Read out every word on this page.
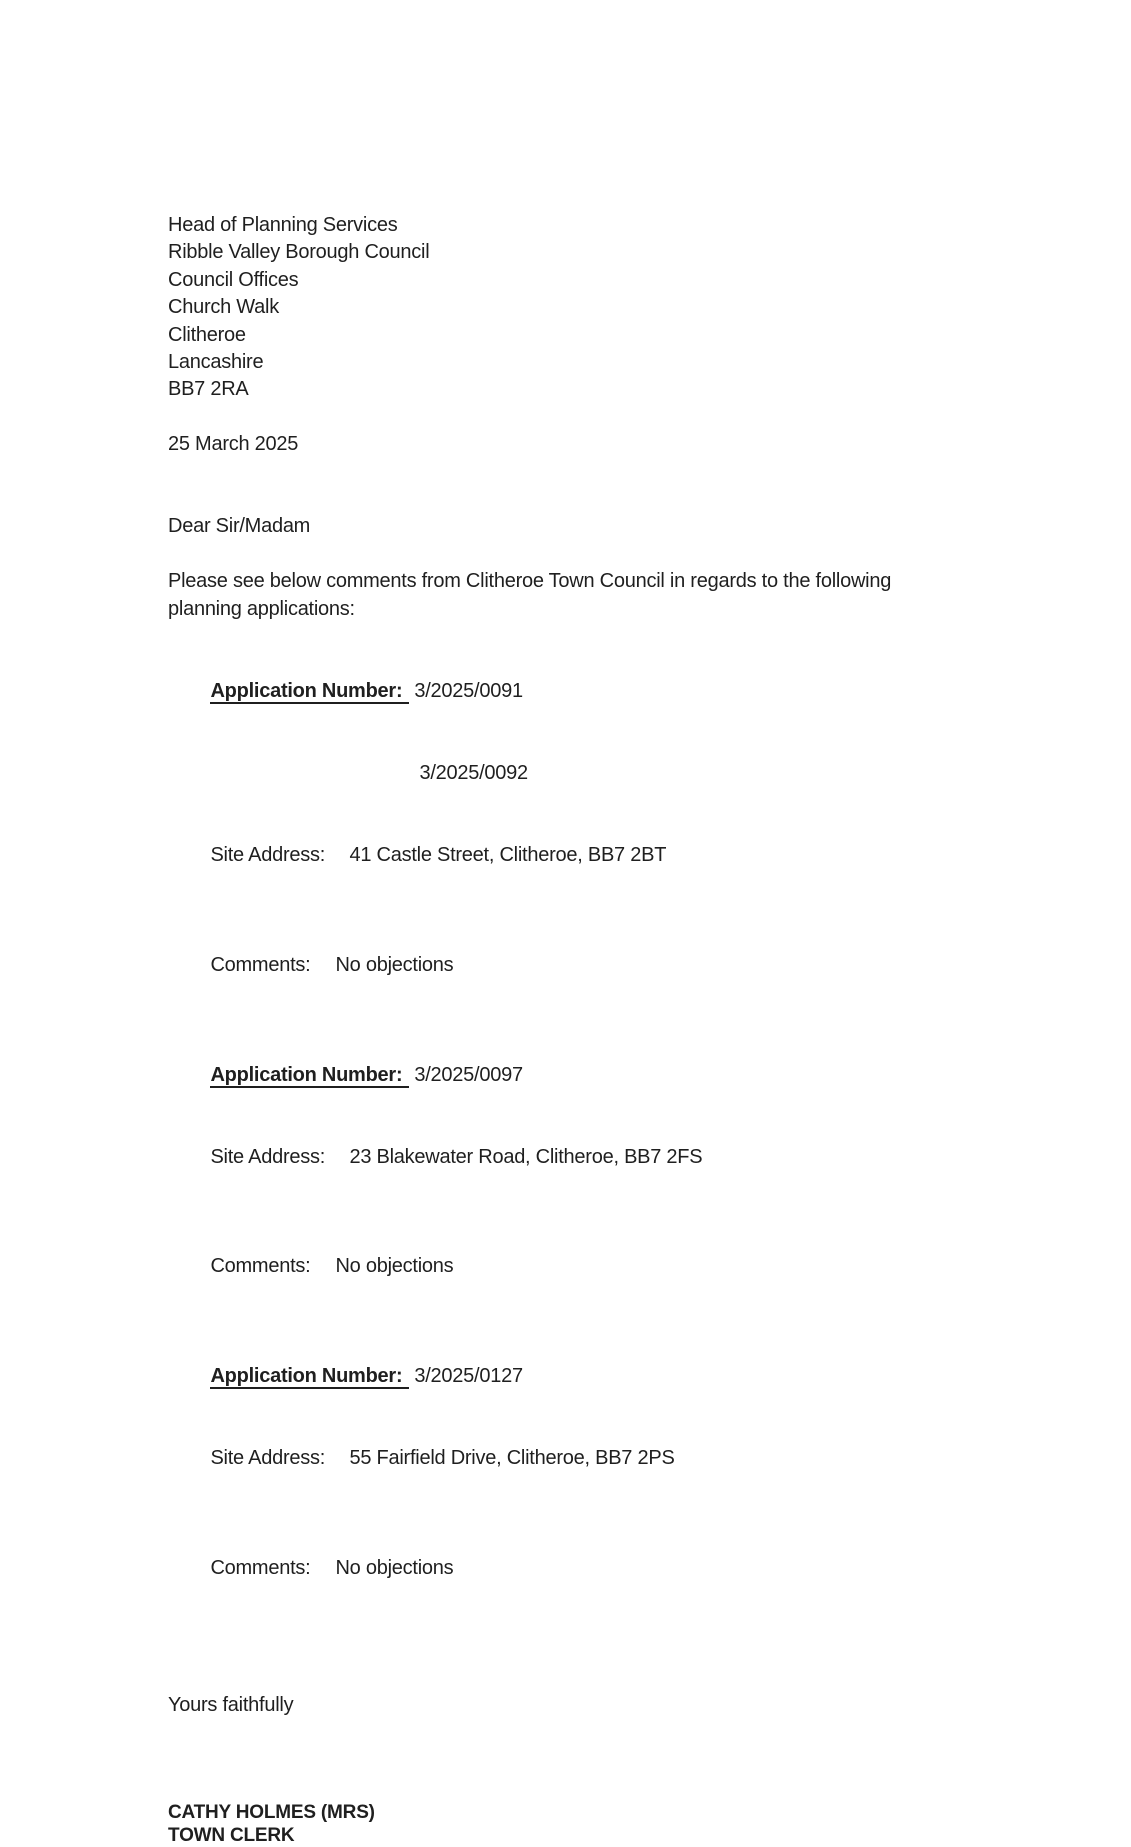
Head of Planning Services
Ribble Valley Borough Council
Council Offices
Church Walk
Clitheroe
Lancashire
BB7 2RA
25 March 2025
Dear Sir/Madam
Please see below comments from Clitheroe Town Council in regards to the following
planning applications:

Application Number: 3/2025/0091

3/2025/0092

Site Address: 41 Castle Street, Clitheroe, BB7 2BT

Comments: No objections

Application Number: 3/2025/0097

Site Address: 23 Blakewater Road, Clitheroe, BB7 2FS

Comments: No objections

Application Number: 3/2025/0127

Site Address: 55 Fairfield Drive, Clitheroe, BB7 2PS

Comments: No objections

Yours faithfully
CATHY HOLMES (MRS)
TOWN CLERK
